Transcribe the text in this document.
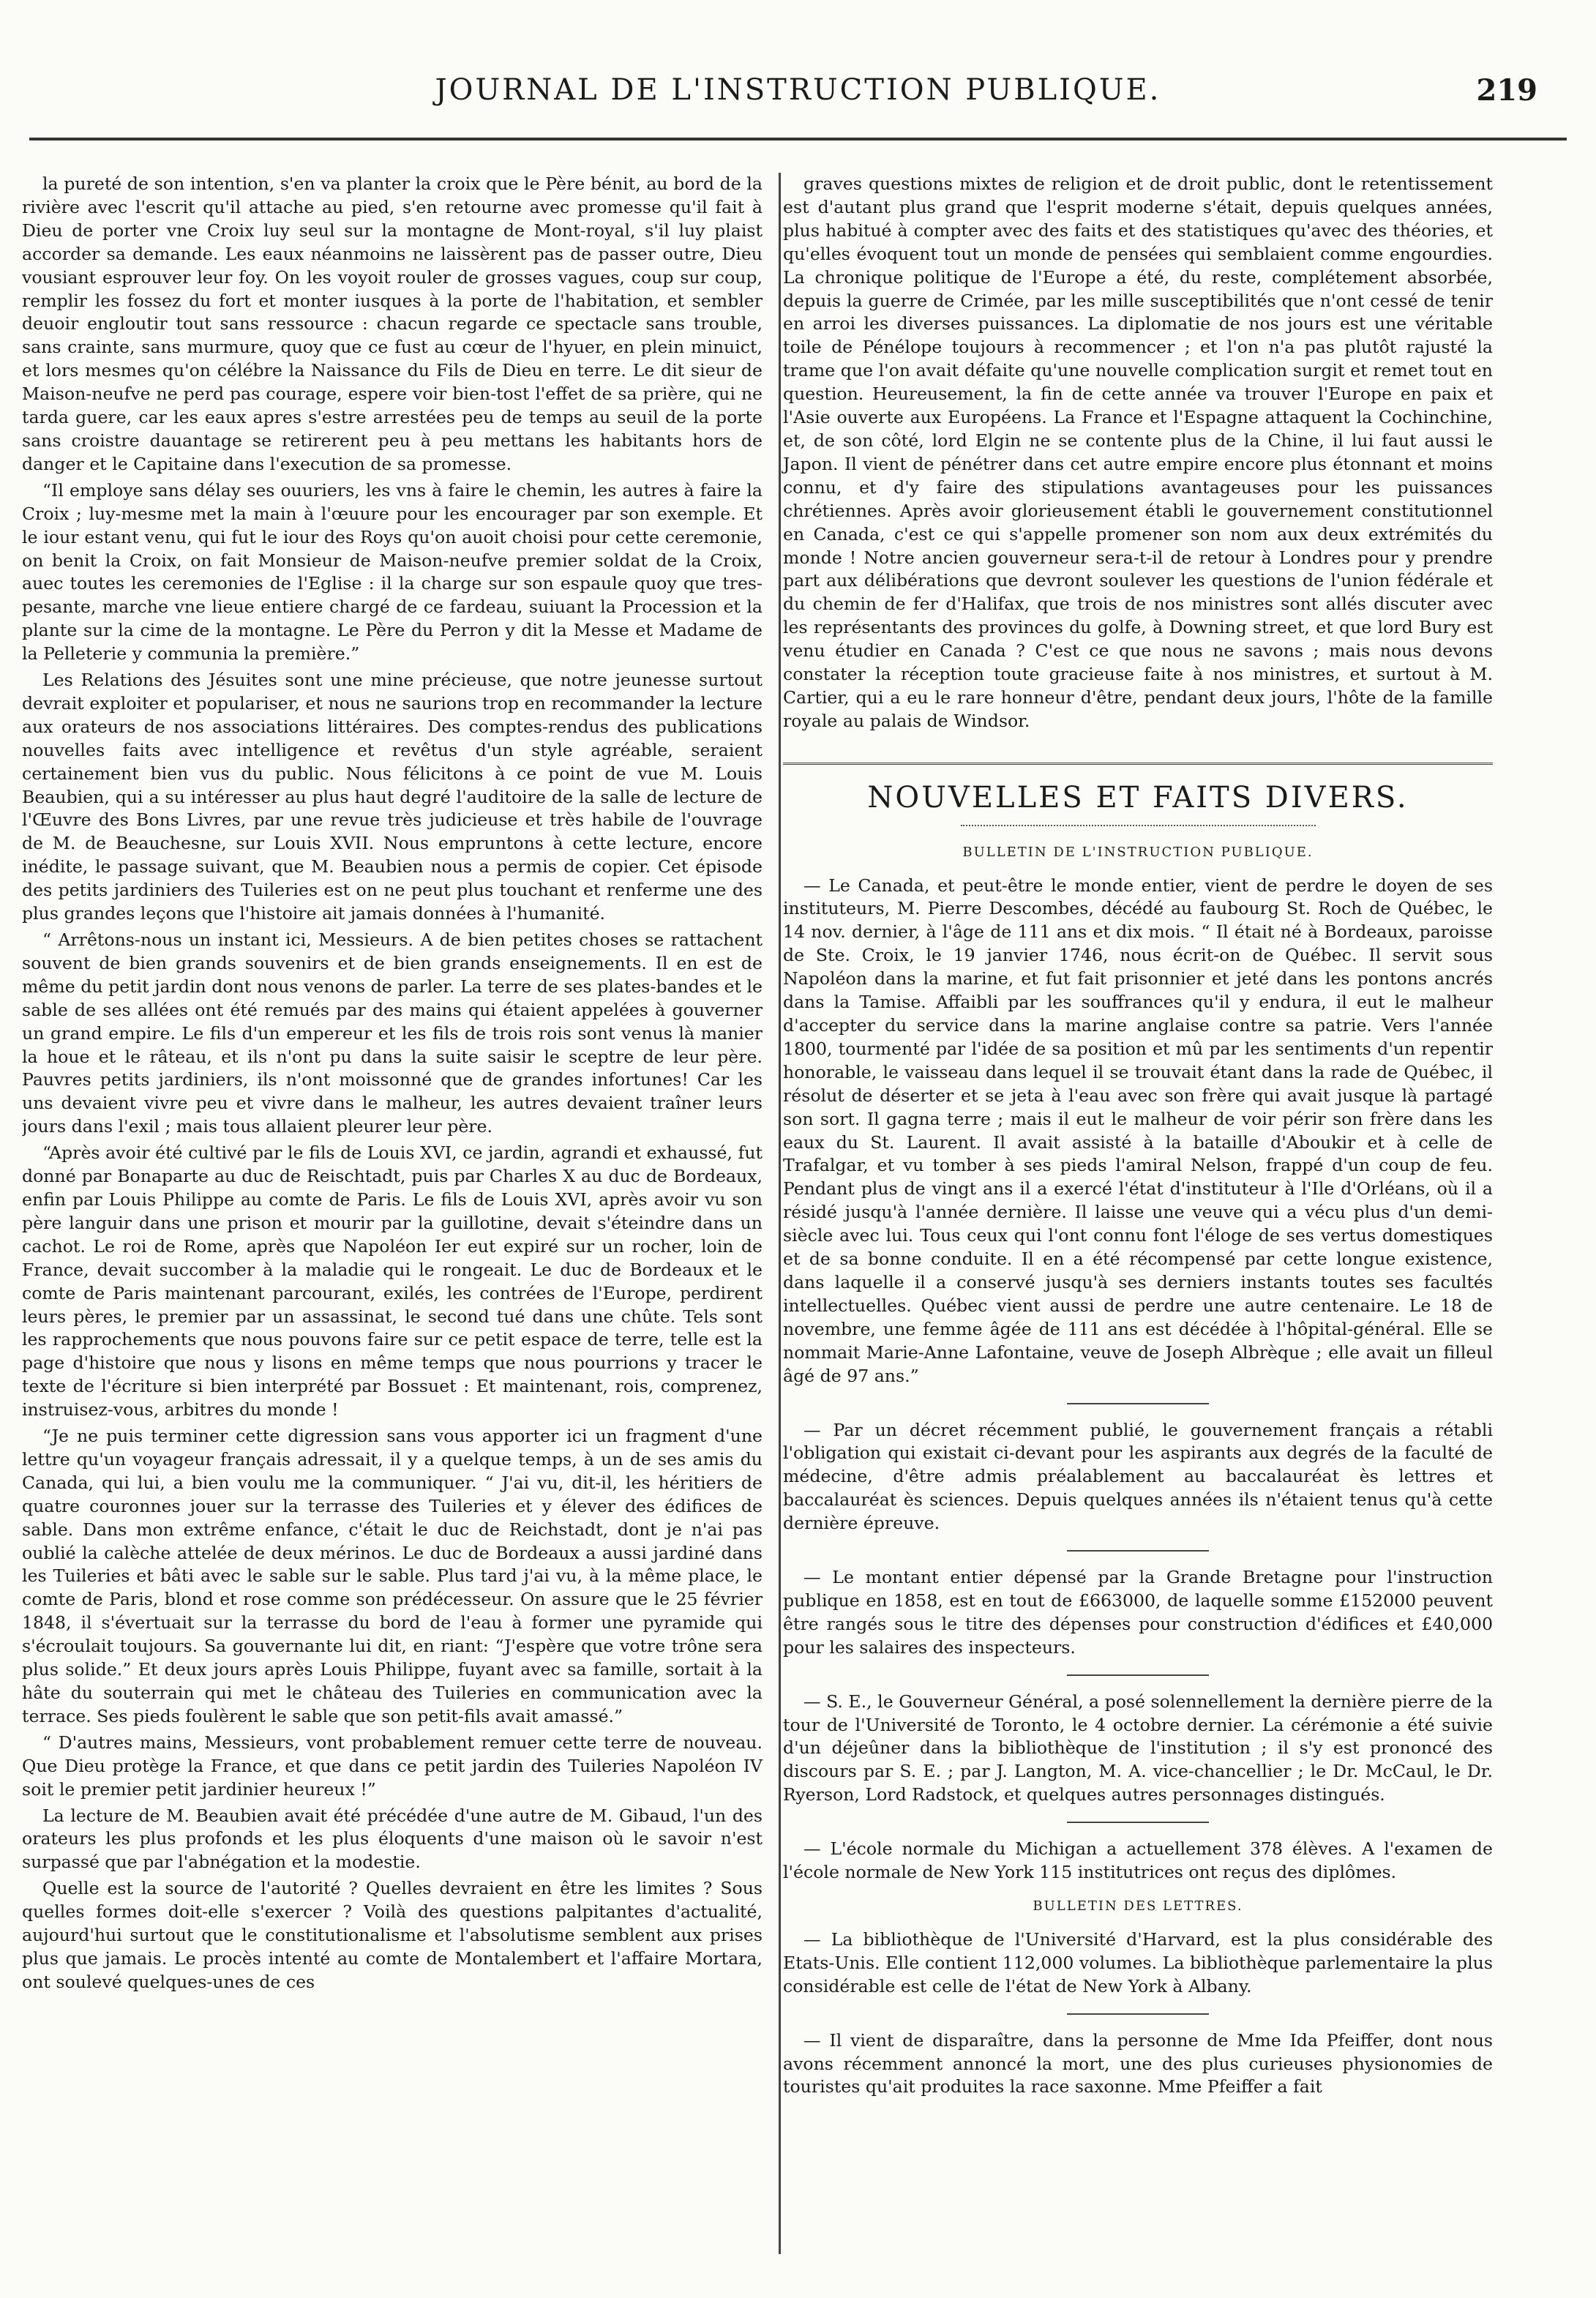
JOURNAL DE L'INSTRUCTION PUBLIQUE.	219

la pureté de son intention, s'en va planter la croix que le Père bénit, au bord de la rivière avec l'escrit qu'il attache au pied, s'en retourne avec promesse qu'il fait à Dieu de porter vne Croix luy seul sur la montagne de Mont-royal, s'il luy plaist accorder sa demande. Les eaux néanmoins ne laissèrent pas de passer outre, Dieu vousiant esprouver leur foy. On les voyoit rouler de grosses vagues, coup sur coup, remplir les fossez du fort et monter iusques à la porte de l'habitation, et sembler deuoir engloutir tout sans ressource : chacun regarde ce spectacle sans trouble, sans crainte, sans murmure, quoy que ce fust au cœur de l'hyuer, en plein minuict, et lors mesmes qu'on célébre la Naissance du Fils de Dieu en terre. Le dit sieur de Maison-neufve ne perd pas courage, espere voir bien-tost l'effet de sa prière, qui ne tarda guere, car les eaux apres s'estre arrestées peu de temps au seuil de la porte sans croistre dauantage se retirerent peu à peu mettans les habitants hors de danger et le Capitaine dans l'execution de sa promesse.

“Il employe sans délay ses ouuriers, les vns à faire le chemin, les autres à faire la Croix ; luy-mesme met la main à l'œuure pour les encourager par son exemple. Et le iour estant venu, qui fut le iour des Roys qu'on auoit choisi pour cette ceremonie, on benit la Croix, on fait Monsieur de Maison-neufve premier soldat de la Croix, auec toutes les ceremonies de l'Eglise : il la charge sur son espaule quoy que tres-pesante, marche vne lieue entiere chargé de ce fardeau, suiuant la Procession et la plante sur la cime de la montagne. Le Père du Perron y dit la Messe et Madame de la Pelleterie y communia la première.”

Les Relations des Jésuites sont une mine précieuse, que notre jeunesse surtout devrait exploiter et populariser, et nous ne saurions trop en recommander la lecture aux orateurs de nos associations littéraires. Des comptes-rendus des publications nouvelles faits avec intelligence et revêtus d'un style agréable, seraient certainement bien vus du public. Nous félicitons à ce point de vue M. Louis Beaubien, qui a su intéresser au plus haut degré l'auditoire de la salle de lecture de l'Œuvre des Bons Livres, par une revue très judicieuse et très habile de l'ouvrage de M. de Beauchesne, sur Louis XVII. Nous empruntons à cette lecture, encore inédite, le passage suivant, que M. Beaubien nous a permis de copier. Cet épisode des petits jardiniers des Tuileries est on ne peut plus touchant et renferme une des plus grandes leçons que l'histoire ait jamais données à l'humanité.

“ Arrêtons-nous un instant ici, Messieurs. A de bien petites choses se rattachent souvent de bien grands souvenirs et de bien grands enseignements. Il en est de même du petit jardin dont nous venons de parler. La terre de ses plates-bandes et le sable de ses allées ont été remués par des mains qui étaient appelées à gouverner un grand empire. Le fils d'un empereur et les fils de trois rois sont venus là manier la houe et le râteau, et ils n'ont pu dans la suite saisir le sceptre de leur père. Pauvres petits jardiniers, ils n'ont moissonné que de grandes infortunes! Car les uns devaient vivre peu et vivre dans le malheur, les autres devaient traîner leurs jours dans l'exil ; mais tous allaient pleurer leur père.

“Après avoir été cultivé par le fils de Louis XVI, ce jardin, agrandi et exhaussé, fut donné par Bonaparte au duc de Reischtadt, puis par Charles X au duc de Bordeaux, enfin par Louis Philippe au comte de Paris. Le fils de Louis XVI, après avoir vu son père languir dans une prison et mourir par la guillotine, devait s'éteindre dans un cachot. Le roi de Rome, après que Napoléon Ier eut expiré sur un rocher, loin de France, devait succomber à la maladie qui le rongeait. Le duc de Bordeaux et le comte de Paris maintenant parcourant, exilés, les contrées de l'Europe, perdirent leurs pères, le premier par un assassinat, le second tué dans une chûte. Tels sont les rapprochements que nous pouvons faire sur ce petit espace de terre, telle est la page d'histoire que nous y lisons en même temps que nous pourrions y tracer le texte de l'écriture si bien interprété par Bossuet : Et maintenant, rois, comprenez, instruisez-vous, arbitres du monde !

“Je ne puis terminer cette digression sans vous apporter ici un fragment d'une lettre qu'un voyageur français adressait, il y a quelque temps, à un de ses amis du Canada, qui lui, a bien voulu me la communiquer. “ J'ai vu, dit-il, les héritiers de quatre couronnes jouer sur la terrasse des Tuileries et y élever des édifices de sable. Dans mon extrême enfance, c'était le duc de Reichstadt, dont je n'ai pas oublié la calèche attelée de deux mérinos. Le duc de Bordeaux a aussi jardiné dans les Tuileries et bâti avec le sable sur le sable. Plus tard j'ai vu, à la même place, le comte de Paris, blond et rose comme son prédécesseur. On assure que le 25 février 1848, il s'évertuait sur la terrasse du bord de l'eau à former une pyramide qui s'écroulait toujours. Sa gouvernante lui dit, en riant: “J'espère que votre trône sera plus solide.” Et deux jours après Louis Philippe, fuyant avec sa famille, sortait à la hâte du souterrain qui met le château des Tuileries en communication avec la terrace. Ses pieds foulèrent le sable que son petit-fils avait amassé.”

“ D'autres mains, Messieurs, vont probablement remuer cette terre de nouveau. Que Dieu protège la France, et que dans ce petit jardin des Tuileries Napoléon IV soit le premier petit jardinier heureux !”

La lecture de M. Beaubien avait été précédée d'une autre de M. Gibaud, l'un des orateurs les plus profonds et les plus éloquents d'une maison où le savoir n'est surpassé que par l'abnégation et la modestie.

Quelle est la source de l'autorité ? Quelles devraient en être les limites ? Sous quelles formes doit-elle s'exercer ? Voilà des questions palpitantes d'actualité, aujourd'hui surtout que le constitutionalisme et l'absolutisme semblent aux prises plus que jamais. Le procès intenté au comte de Montalembert et l'affaire Mortara, ont soulevé quelques-unes de ces

graves questions mixtes de religion et de droit public, dont le retentissement est d'autant plus grand que l'esprit moderne s'était, depuis quelques années, plus habitué à compter avec des faits et des statistiques qu'avec des théories, et qu'elles évoquent tout un monde de pensées qui semblaient comme engourdies. La chronique politique de l'Europe a été, du reste, complétement absorbée, depuis la guerre de Crimée, par les mille susceptibilités que n'ont cessé de tenir en arroi les diverses puissances. La diplomatie de nos jours est une véritable toile de Pénélope toujours à recommencer ; et l'on n'a pas plutôt rajusté la trame que l'on avait défaite qu'une nouvelle complication surgit et remet tout en question. Heureusement, la fin de cette année va trouver l'Europe en paix et l'Asie ouverte aux Européens. La France et l'Espagne attaquent la Cochinchine, et, de son côté, lord Elgin ne se contente plus de la Chine, il lui faut aussi le Japon. Il vient de pénétrer dans cet autre empire encore plus étonnant et moins connu, et d'y faire des stipulations avantageuses pour les puissances chrétiennes. Après avoir glorieusement établi le gouvernement constitutionnel en Canada, c'est ce qui s'appelle promener son nom aux deux extrémités du monde ! Notre ancien gouverneur sera-t-il de retour à Londres pour y prendre part aux délibérations que devront soulever les questions de l'union fédérale et du chemin de fer d'Halifax, que trois de nos ministres sont allés discuter avec les représentants des provinces du golfe, à Downing street, et que lord Bury est venu étudier en Canada ? C'est ce que nous ne savons ; mais nous devons constater la réception toute gracieuse faite à nos ministres, et surtout à M. Cartier, qui a eu le rare honneur d'être, pendant deux jours, l'hôte de la famille royale au palais de Windsor.

NOUVELLES ET FAITS DIVERS.
BULLETIN DE L'INSTRUCTION PUBLIQUE.

— Le Canada, et peut-être le monde entier, vient de perdre le doyen de ses instituteurs, M. Pierre Descombes, décédé au faubourg St. Roch de Québec, le 14 nov. dernier, à l'âge de 111 ans et dix mois. “ Il était né à Bordeaux, paroisse de Ste. Croix, le 19 janvier 1746, nous écrit-on de Québec. Il servit sous Napoléon dans la marine, et fut fait prisonnier et jeté dans les pontons ancrés dans la Tamise. Affaibli par les souffrances qu'il y endura, il eut le malheur d'accepter du service dans la marine anglaise contre sa patrie. Vers l'année 1800, tourmenté par l'idée de sa position et mû par les sentiments d'un repentir honorable, le vaisseau dans lequel il se trouvait étant dans la rade de Québec, il résolut de déserter et se jeta à l'eau avec son frère qui avait jusque là partagé son sort. Il gagna terre ; mais il eut le malheur de voir périr son frère dans les eaux du St. Laurent. Il avait assisté à la bataille d'Aboukir et à celle de Trafalgar, et vu tomber à ses pieds l'amiral Nelson, frappé d'un coup de feu. Pendant plus de vingt ans il a exercé l'état d'instituteur à l'Ile d'Orléans, où il a résidé jusqu'à l'année dernière. Il laisse une veuve qui a vécu plus d'un demi-siècle avec lui. Tous ceux qui l'ont connu font l'éloge de ses vertus domestiques et de sa bonne conduite. Il en a été récompensé par cette longue existence, dans laquelle il a conservé jusqu'à ses derniers instants toutes ses facultés intellectuelles. Québec vient aussi de perdre une autre centenaire. Le 18 de novembre, une femme âgée de 111 ans est décédée à l'hôpital-général. Elle se nommait Marie-Anne Lafontaine, veuve de Joseph Albrèque ; elle avait un filleul âgé de 97 ans.”

— Par un décret récemment publié, le gouvernement français a rétabli l'obligation qui existait ci-devant pour les aspirants aux degrés de la faculté de médecine, d'être admis préalablement au baccalauréat ès lettres et baccalauréat ès sciences. Depuis quelques années ils n'étaient tenus qu'à cette dernière épreuve.

— Le montant entier dépensé par la Grande Bretagne pour l'instruction publique en 1858, est en tout de £663000, de laquelle somme £152000 peuvent être rangés sous le titre des dépenses pour construction d'édifices et £40,000 pour les salaires des inspecteurs.

— S. E., le Gouverneur Général, a posé solennellement la dernière pierre de la tour de l'Université de Toronto, le 4 octobre dernier. La cérémonie a été suivie d'un déjeûner dans la bibliothèque de l'institution ; il s'y est prononcé des discours par S. E. ; par J. Langton, M. A. vice-chancellier ; le Dr. McCaul, le Dr. Ryerson, Lord Radstock, et quelques autres personnages distingués.

— L'école normale du Michigan a actuellement 378 élèves. A l'examen de l'école normale de New York 115 institutrices ont reçus des diplômes.

BULLETIN DES LETTRES.

— La bibliothèque de l'Université d'Harvard, est la plus considérable des Etats-Unis. Elle contient 112,000 volumes. La bibliothèque parlementaire la plus considérable est celle de l'état de New York à Albany.

— Il vient de disparaître, dans la personne de Mme Ida Pfeiffer, dont nous avons récemment annoncé la mort, une des plus curieuses physionomies de touristes qu'ait produites la race saxonne. Mme Pfeiffer a fait
